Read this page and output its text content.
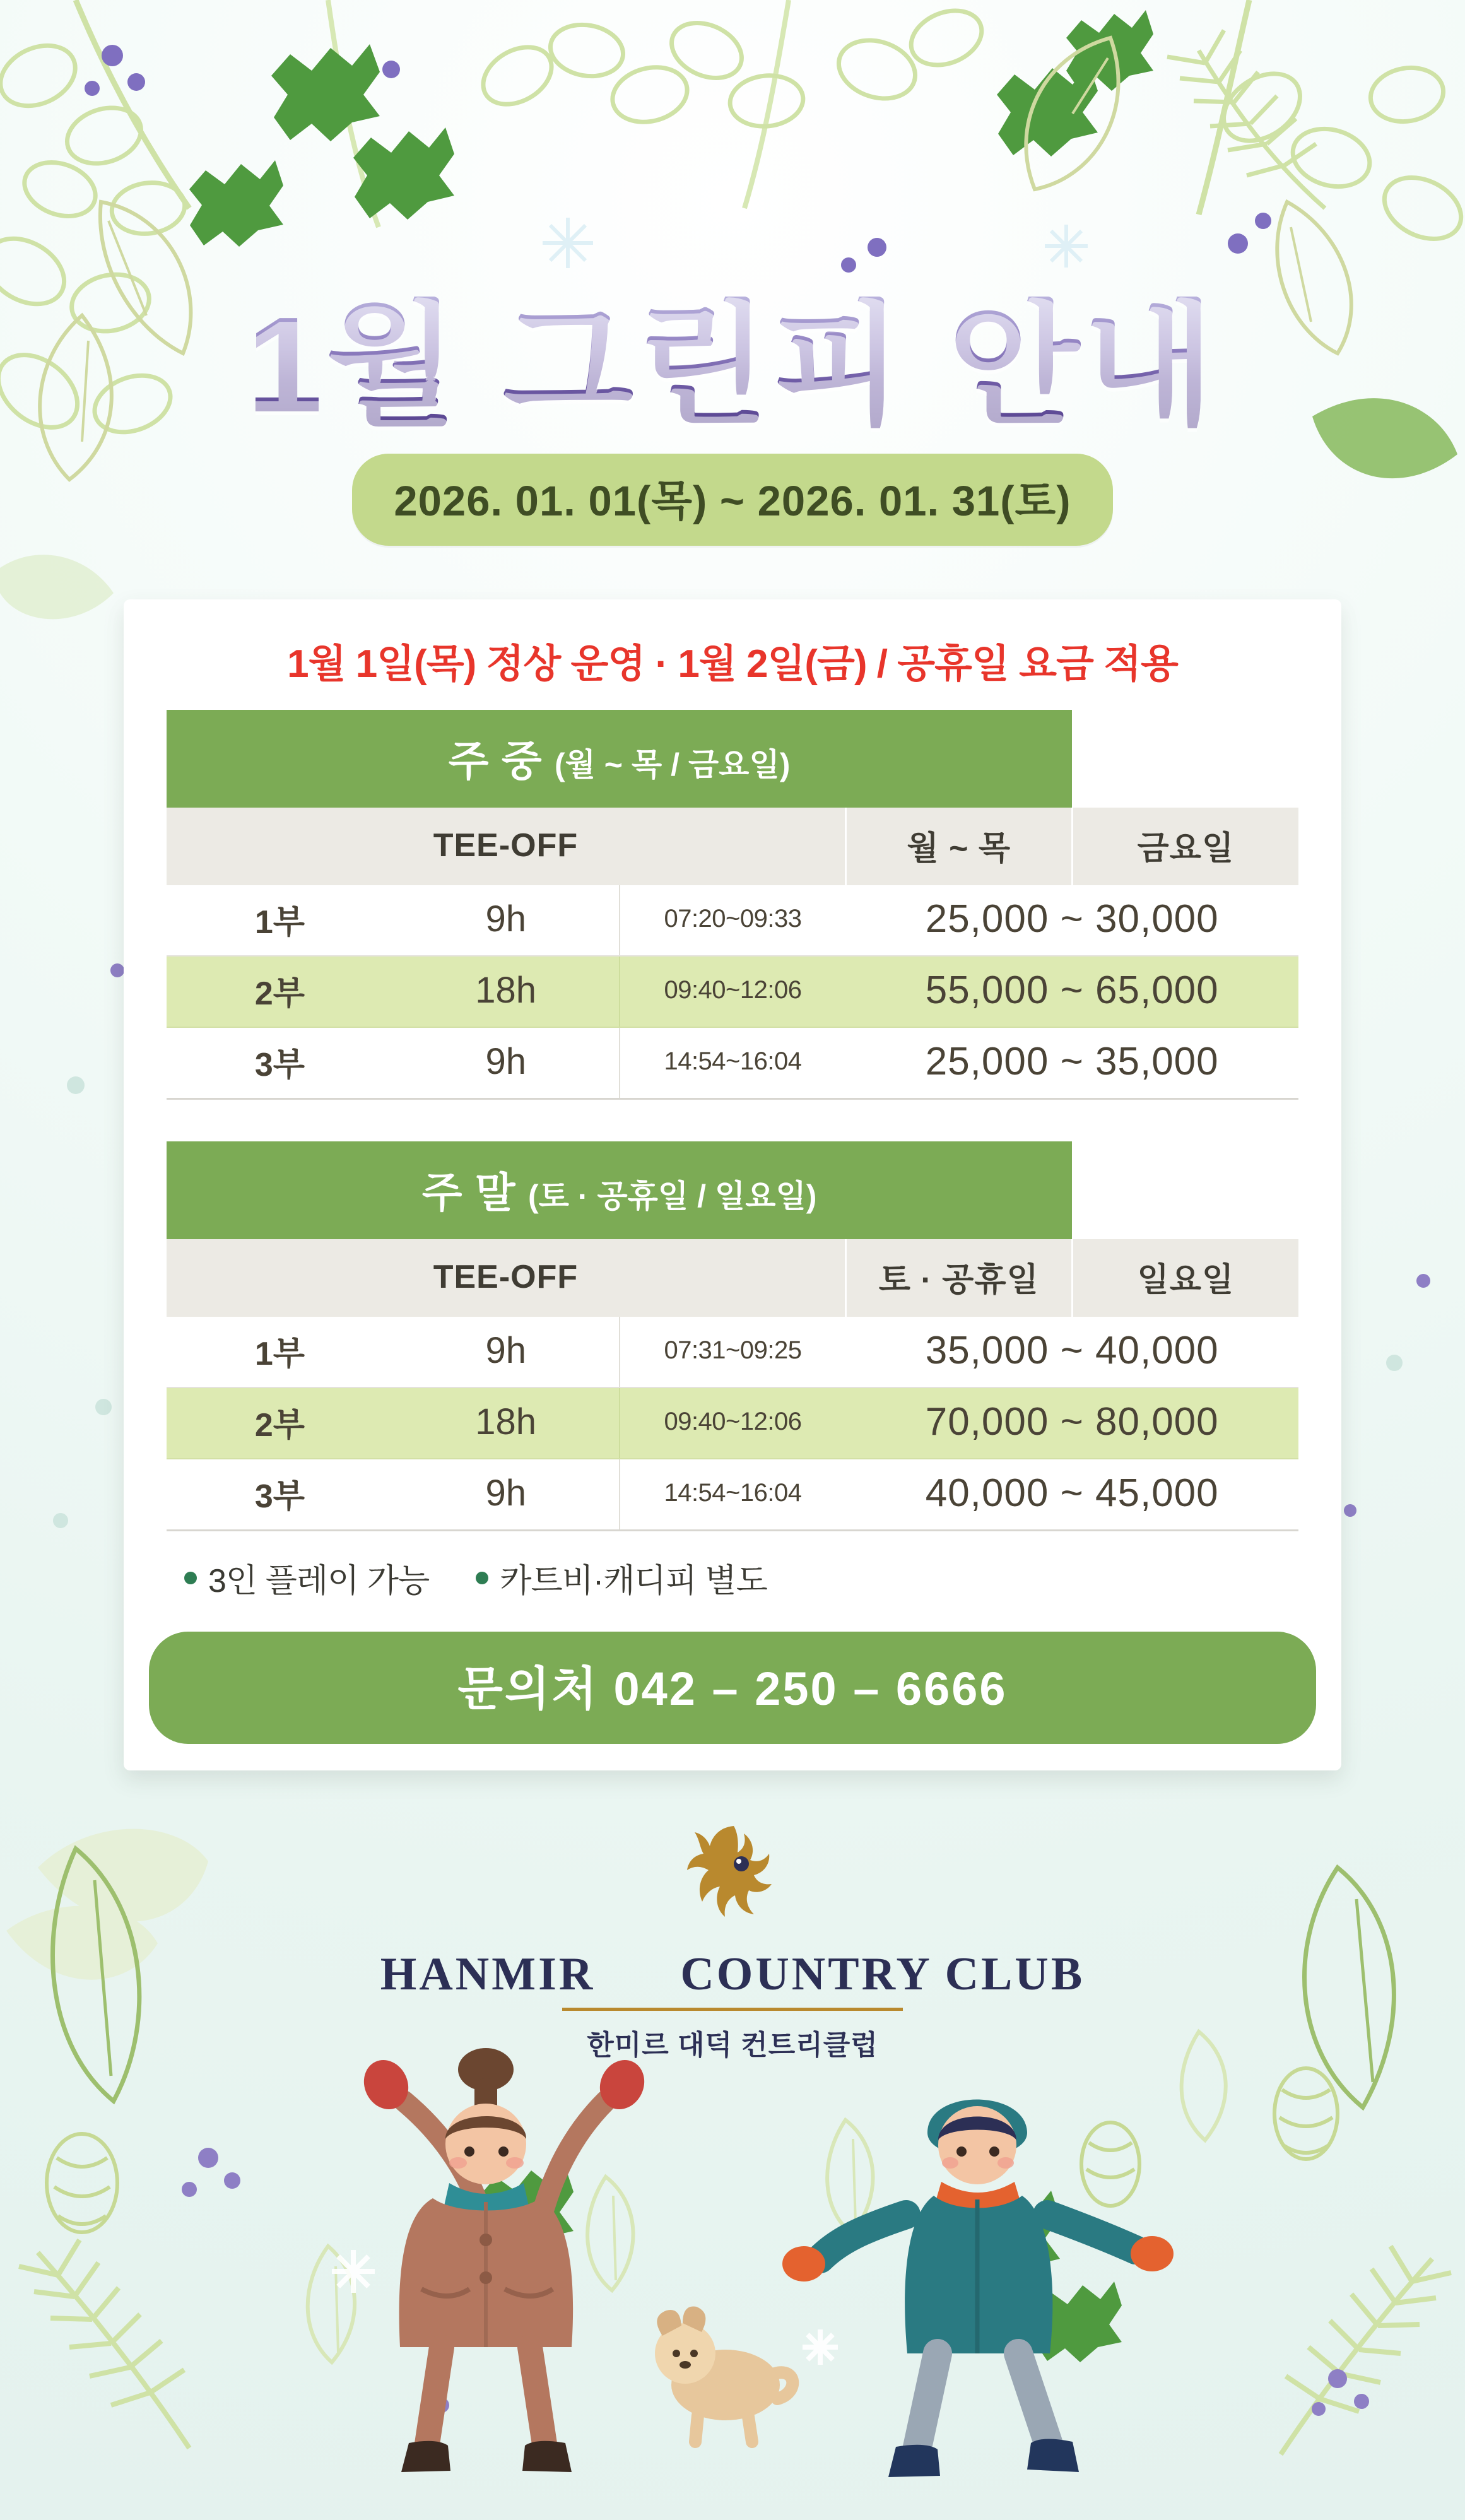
1월 그린피 안내
2026. 01. 01(목) ~ 2026. 01. 31(토)
1월 1일(목) 정상 운영 · 1월 2일(금) / 공휴일 요금 적용
주 중 (월 ~ 목 / 금요일)				
TEE-OFF			월 ~ 목	금요일
1부	9h	07:20~09:33	25,000 ~ 30,000	
2부	18h	09:40~12:06	55,000 ~ 65,000	
3부	9h	14:54~16:04	25,000 ~ 35,000	
주 말 (토 · 공휴일 / 일요일)				
TEE-OFF			토 · 공휴일	일요일
1부	9h	07:31~09:25	35,000 ~ 40,000	
2부	18h	09:40~12:06	70,000 ~ 80,000	
3부	9h	14:54~16:04	40,000 ~ 45,000	
3인 플레이 가능 카트비·캐디피 별도
문의처 042 – 250 – 6666
HANMIR COUNTRY CLUB
한미르 대덕 컨트리클럽
